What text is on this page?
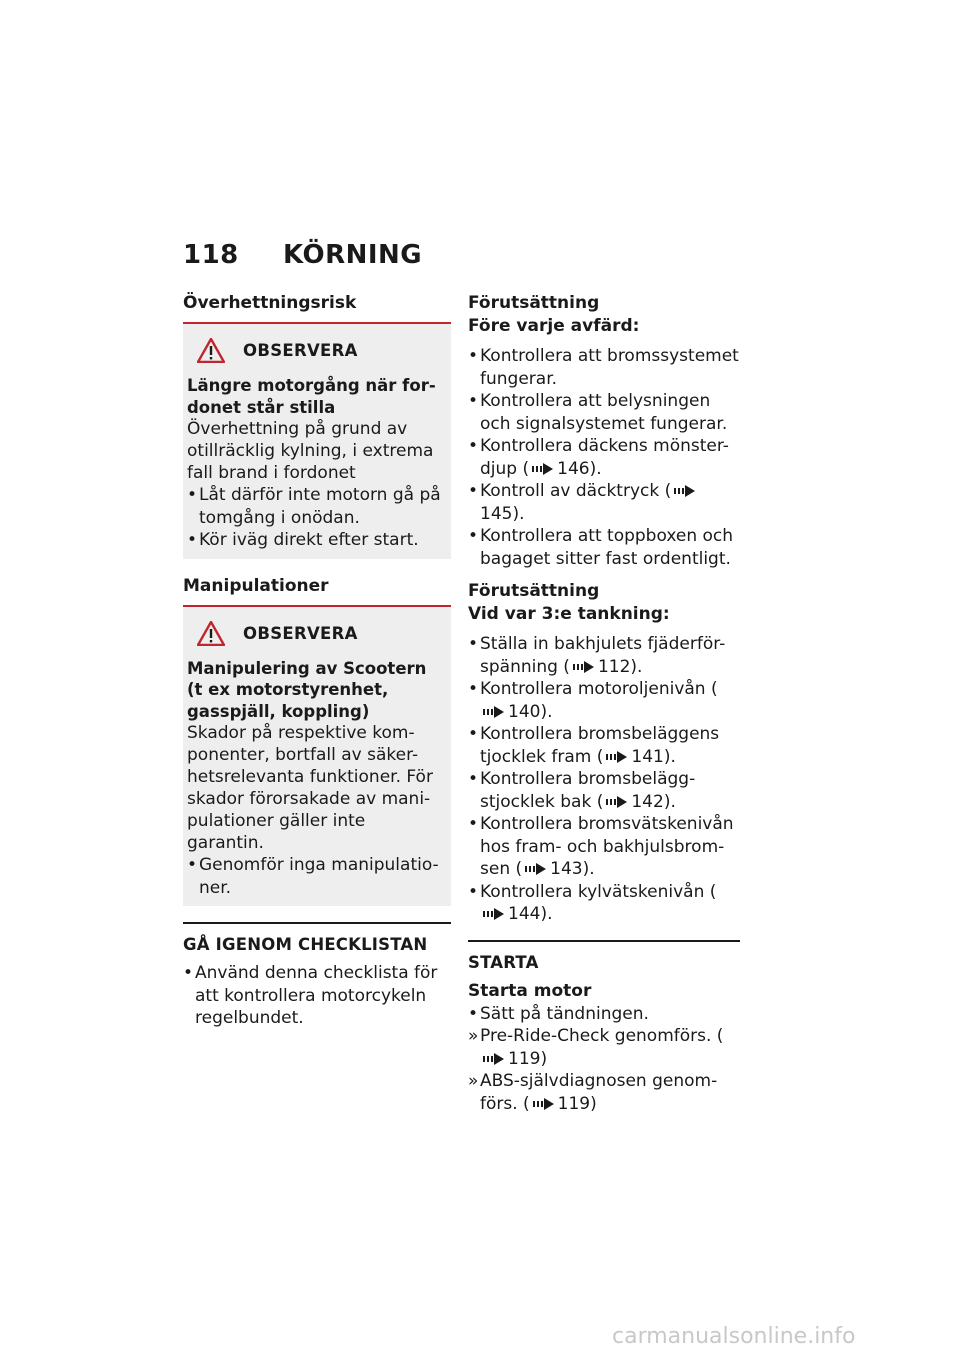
118 KÖRNING
Överhettningsrisk
OBSERVERA
Längre motorgång när for-donet står stilla
Överhettning på grund av otillräcklig kylning, i extrema fall brand i fordonet
• Låt därför inte motorn gå på tomgång i onödan.
• Kör iväg direkt efter start.
Manipulationer
OBSERVERA
Manipulering av Scootern (t ex motorstyrenhet, gasspjäll, koppling)
Skador på respektive kom-ponenter, bortfall av säker-hetsrelevanta funktioner. För skador förorsakade av mani-pulationer gäller inte garantin.
• Genomför inga manipulatio-ner.
GÅ IGENOM CHECKLISTAN
• Använd denna checklista för att kontrollera motorcykeln regelbundet.
Förutsättning
Före varje avfärd:
• Kontrollera att bromssystemet fungerar.
• Kontrollera att belysningen och signalsystemet fungerar.
• Kontrollera däckens mönster-djup ( 146).
• Kontroll av däcktryck (145).
• Kontrollera att toppboxen och bagaget sitter fast ordentligt.
Förutsättning
Vid var 3:e tankning:
• Ställa in bakhjulets fjäderför-spänning ( 112).
• Kontrollera motoroljenivån (140).
• Kontrollera bromsbeläggens tjocklek fram ( 141).
• Kontrollera bromsbelägg-stjocklek bak ( 142).
• Kontrollera bromsvätskenivån hos fram- och bakhjulsbrom-sen ( 143).
• Kontrollera kylvätskenivån (144).
STARTA
Starta motor
• Sätt på tändningen.
» Pre-Ride-Check genomförs. (119)
» ABS-självdiagnosen genom-förs. ( 119)
carmanualsonline.info
